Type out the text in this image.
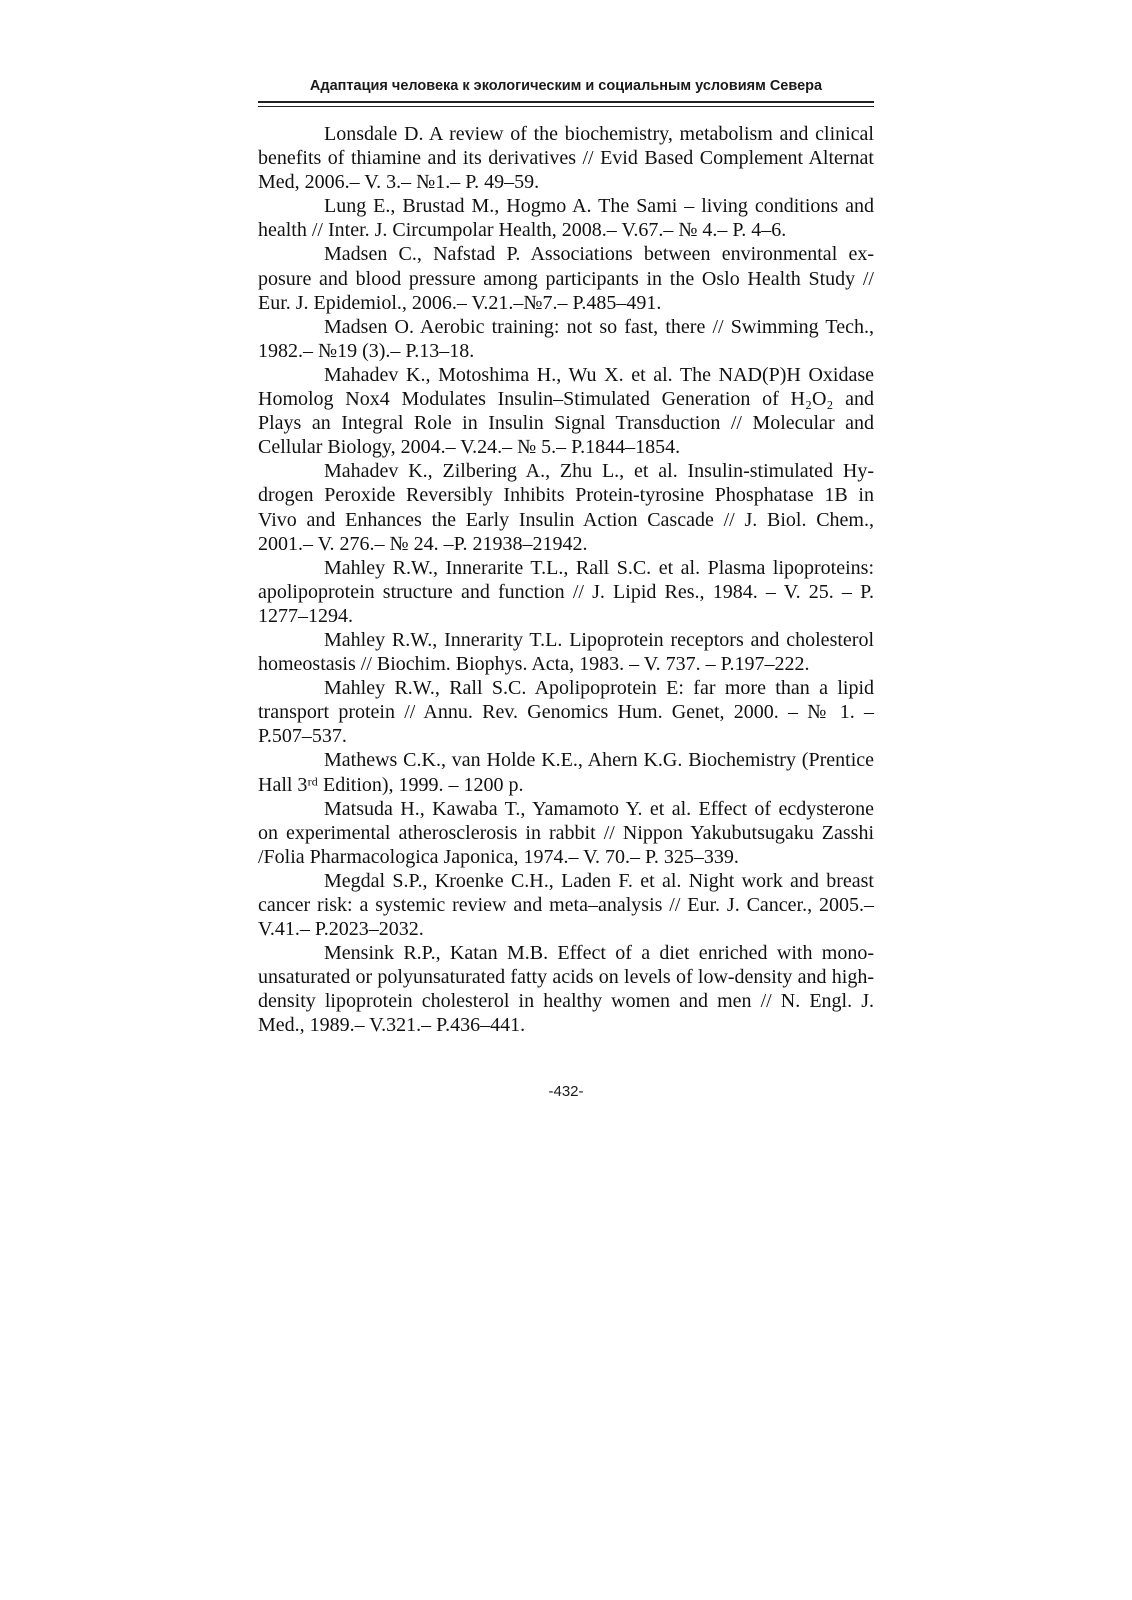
Адаптация человека к экологическим и социальным условиям Севера

Lonsdale D. A review of the biochemistry, metabolism and clinical benefits of thiamine and its derivatives // Evid Based Complement Alternat Med, 2006.– V. 3.– №1.– P. 49–59.

Lung E., Brustad M., Hogmo A. The Sami – living conditions and health // Inter. J. Circumpolar Health, 2008.– V.67.– № 4.– P. 4–6.

Madsen C., Nafstad P. Associations between environmental exposure and blood pressure among participants in the Oslo Health Study // Eur. J. Epidemiol., 2006.– V.21.–№7.– P.485–491.

Madsen O. Aerobic training: not so fast, there // Swimming Tech., 1982.– №19 (3).– P.13–18.

Mahadev K., Motoshima H., Wu X. et al. The NAD(P)H Oxidase Homolog Nox4 Modulates Insulin–Stimulated Generation of H₂O₂ and Plays an Integral Role in Insulin Signal Transduction // Molecular and Cellular Biology, 2004.– V.24.– № 5.– P.1844–1854.

Mahadev K., Zilbering A., Zhu L., et al. Insulin-stimulated Hydrogen Peroxide Reversibly Inhibits Protein-tyrosine Phosphatase 1B in Vivo and Enhances the Early Insulin Action Cascade // J. Biol. Chem., 2001.– V. 276.– № 24. –P. 21938–21942.

Mahley R.W., Innerarite T.L., Rall S.C. et al. Plasma lipoproteins: apolipoprotein structure and function // J. Lipid Res., 1984. – V. 25. – P. 1277–1294.

Mahley R.W., Innerarity T.L. Lipoprotein receptors and cholesterol homeostasis // Biochim. Biophys. Acta, 1983. – V. 737. – P.197–222.

Mahley R.W., Rall S.C. Apolipoprotein E: far more than a lipid transport protein // Annu. Rev. Genomics Hum. Genet, 2000. – № 1. – P.507–537.

Mathews C.K., van Holde K.E., Ahern K.G. Biochemistry (Prentice Hall 3ʳᵈ Edition), 1999. – 1200 p.

Matsuda H., Kawaba T., Yamamoto Y. et al. Effect of ecdysterone on experimental atherosclerosis in rabbit // Nippon Yakubutsugaku Zasshi /Folia Pharmacologica Japonica, 1974.– V. 70.– P. 325–339.

Megdal S.P., Kroenke C.H., Laden F. et al. Night work and breast cancer risk: a systemic review and meta–analysis // Eur. J. Cancer., 2005.– V.41.– P.2023–2032.

Mensink R.P., Katan M.B. Effect of a diet enriched with monounsaturated or polyunsaturated fatty acids on levels of low-density and high-density lipoprotein cholesterol in healthy women and men // N. Engl. J. Med., 1989.– V.321.– P.436–441.

-432-
